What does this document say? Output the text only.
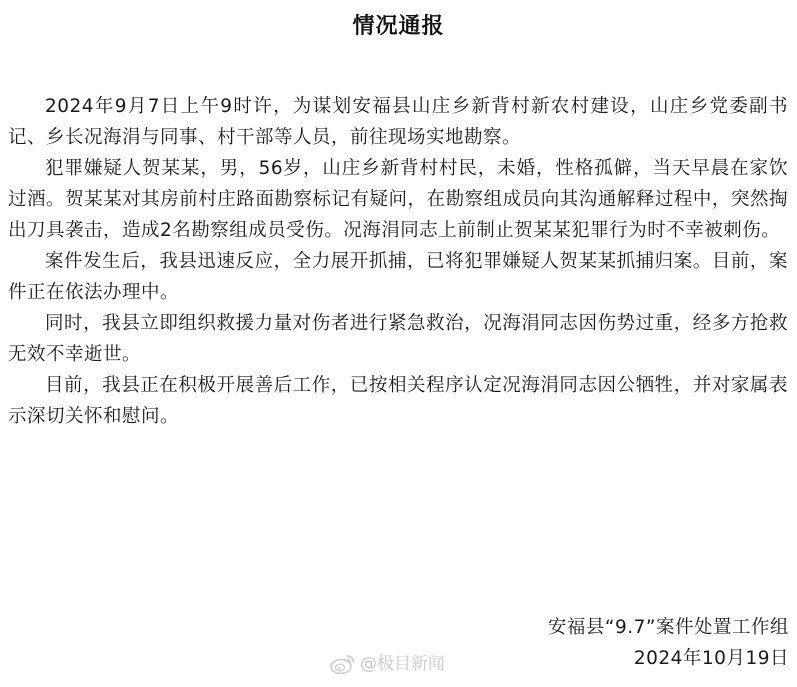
情况通报

2024年9月7日上午9时许，为谋划安福县山庄乡新背村新农村建设，山庄乡党委副书记、乡长况海涓与同事、村干部等人员，前往现场实地勘察。

犯罪嫌疑人贺某某，男，56岁，山庄乡新背村村民，未婚，性格孤僻，当天早晨在家饮过酒。贺某某对其房前村庄路面勘察标记有疑问，在勘察组成员向其沟通解释过程中，突然掏出刀具袭击，造成2名勘察组成员受伤。况海涓同志上前制止贺某某犯罪行为时不幸被刺伤。

案件发生后，我县迅速反应，全力展开抓捕，已将犯罪嫌疑人贺某某抓捕归案。目前，案件正在依法办理中。

同时，我县立即组织救援力量对伤者进行紧急救治，况海涓同志因伤势过重，经多方抢救无效不幸逝世。

目前，我县正在积极开展善后工作，已按相关程序认定况海涓同志因公牺牲，并对家属表示深切关怀和慰问。

安福县“9.7”案件处置工作组
2024年10月19日
@极目新闻
